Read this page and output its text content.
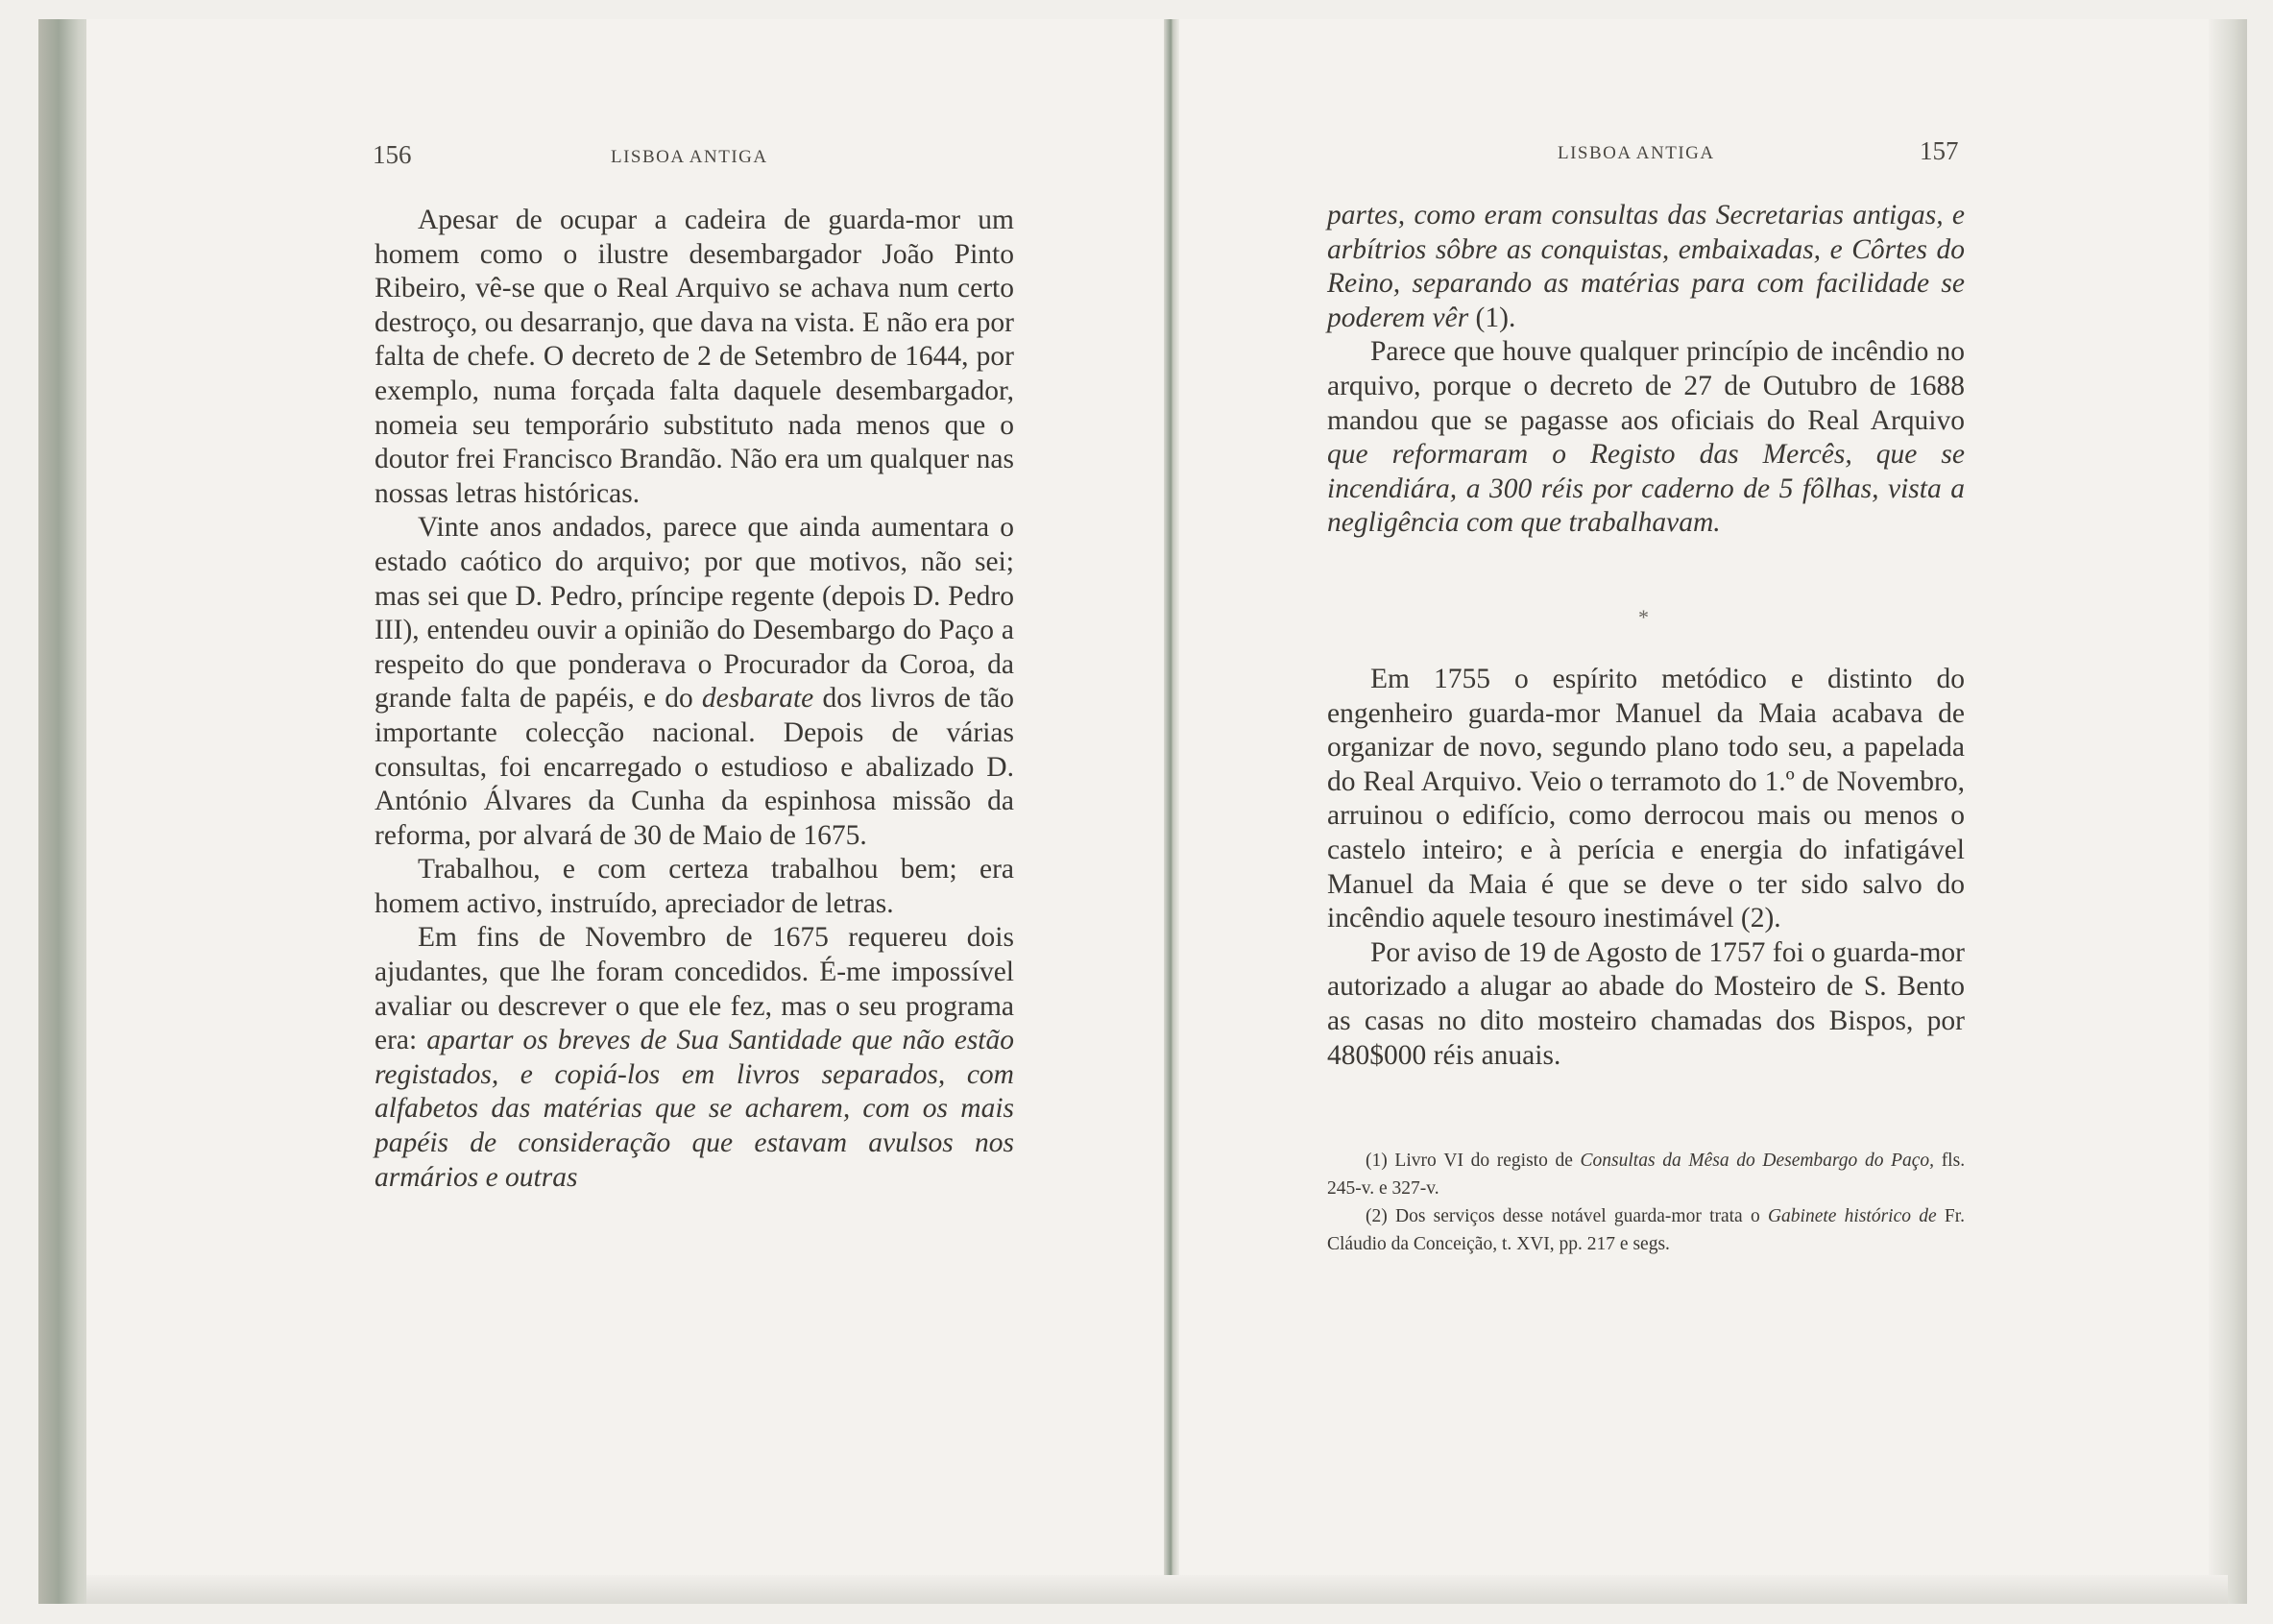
156	LISBOA ANTIGA

Apesar de ocupar a cadeira de guarda-mor um homem como o ilustre desembargador João Pinto Ribeiro, vê-se que o Real Arquivo se achava num certo destroço, ou desarranjo, que dava na vista. E não era por falta de chefe. O decreto de 2 de Setembro de 1644, por exemplo, numa forçada falta daquele desembargador, nomeia seu temporário substituto nada menos que o doutor frei Francisco Brandão. Não era um qualquer nas nossas letras históricas.

Vinte anos andados, parece que ainda aumentara o estado caótico do arquivo; por que motivos, não sei; mas sei que D. Pedro, príncipe regente (depois D. Pedro III), entendeu ouvir a opinião do Desembargo do Paço a respeito do que ponderava o Procurador da Coroa, da grande falta de papéis, e do desbarate dos livros de tão importante colecção nacional. Depois de várias consultas, foi encarregado o estudioso e abalizado D. António Álvares da Cunha da espinhosa missão da reforma, por alvará de 30 de Maio de 1675.

Trabalhou, e com certeza trabalhou bem; era homem activo, instruído, apreciador de letras.

Em fins de Novembro de 1675 requereu dois ajudantes, que lhe foram concedidos. É-me impossível avaliar ou descrever o que ele fez, mas o seu programa era: apartar os breves de Sua Santidade que não estão registados, e copiá-los em livros separados, com alfabetos das matérias que se acharem, com os mais papéis de consideração que estavam avulsos nos armários e outras

LISBOA ANTIGA	157

partes, como eram consultas das Secretarias antigas, e arbítrios sôbre as conquistas, embaixadas, e Côrtes do Reino, separando as matérias para com facilidade se poderem vêr (1).

Parece que houve qualquer princípio de incêndio no arquivo, porque o decreto de 27 de Outubro de 1688 mandou que se pagasse aos oficiais do Real Arquivo que reformaram o Registo das Mercês, que se incendiára, a 300 réis por caderno de 5 fôlhas, vista a negligência com que trabalhavam.

*

Em 1755 o espírito metódico e distinto do engenheiro guarda-mor Manuel da Maia acabava de organizar de novo, segundo plano todo seu, a papelada do Real Arquivo. Veio o terramoto do 1.º de Novembro, arruinou o edifício, como derrocou mais ou menos o castelo inteiro; e à perícia e energia do infatigável Manuel da Maia é que se deve o ter sido salvo do incêndio aquele tesouro inestimável (2).

Por aviso de 19 de Agosto de 1757 foi o guarda-mor autorizado a alugar ao abade do Mosteiro de S. Bento as casas no dito mosteiro chamadas dos Bispos, por 480$000 réis anuais.

(1) Livro VI do registo de Consultas da Mêsa do Desembargo do Paço, fls. 245-v. e 327-v.

(2) Dos serviços desse notável guarda-mor trata o Gabinete histórico de Fr. Cláudio da Conceição, t. XVI, pp. 217 e segs.
